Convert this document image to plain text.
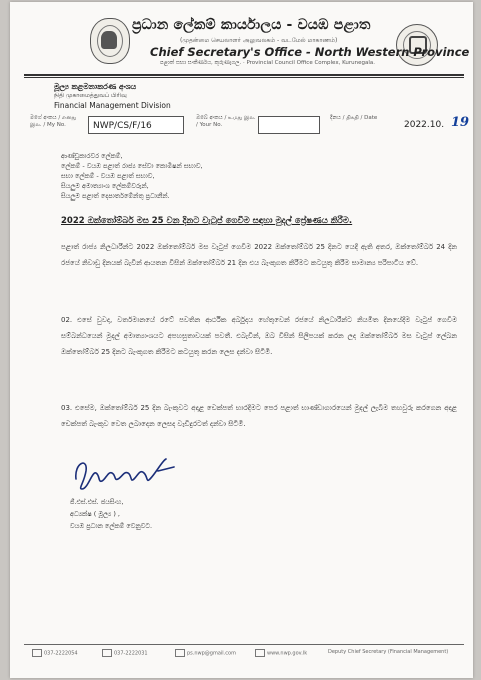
ප්‍රධාන ලේකම් කාර්යාලය - වයඹ පළාත
(முதன்மை செயலாளர் அலுவலகம் - வடமேல் மாகாணம்)
Chief Secretary's Office - North Western Province
පළාත් සභා සංකීර්ණය, කුරුණෑගල. · Provincial Council Office Complex, Kurunegala.
මූල්‍ය කළමනාකරණ අංශය
நிதி முகாமைத்துவப் பிரிவு
Financial Management Division
මගේ අංකය / எனது இல. / My No.	NWP/CS/F/16
ඔබේ අංකය / உமது இல. / Your No.
දිනය / திகதி / Date
2022.10. 19
ආණ්ඩුකාරවර ලේකම්,
ලේකම් - වයඹ පළාත් රාජ්‍ය සේවා කොමිෂන් සභාව,
සභා ලේකම් - වයඹ පළාත් සභාව,
සියලුම අමාත්‍යාංශ ලේකම්වරුන්,
සියලුම පළාත් දෙපාර්තමේන්තු ප්‍රධානීන්.
2022 ඔක්තෝම්බර් මස 25 වන දිනට වැටුප් ගෙවීම සඳහා මුදල් ප්‍රේෂණය කිරීම.
පළාත් රාජ්‍ය නිලධාරීන්ට 2022 ඔක්තෝම්බර් මස වැටුප් ගෙවීම 2022 ඔක්තෝම්බර් 25 දිනට යෙදී ඇති අතර, ඔක්තෝම්බර් 24 දින රජයේ නිවාඩු දිනයක් බැවින් ආයතන විසින් ඔක්තෝම්බර් 21 දින එය බැංකුගත කිරීමට කටයුතු කිරීම සාමාන්‍ය පරිපාටිය වේ.
02. එසේ වුවද, වර්තමානයේ රටේ පවතින ආර්ථික අර්බුදය හේතුවෙන් රජයේ නිලධාරීන්ට නියමිත දිනයේදීම වැටුප් ගෙවීම සම්බන්ධයෙන් මුදල් අමාත්‍යාංශයට අපහසුතාවයක් පවතී. එබැවින්, ඔබ විසින් සිලිපයක් කරන ලද ඔක්තෝම්බර් මස වැටුප් ලේඛන ඔක්තෝම්බර් 25 දිනට බැංකුගත කිරීමට කටයුතු කරන ලෙස දන්වා සිටිමි.
03. එසේම, ඔක්තෝම්බර් 25 දින බැංකුවට අදාළ චෙක්පත් භාරදීමට පෙර පළාත් භාණ්ඩාගාරයෙන් මුදල් ලැබීම තහවුරු කරගෙන අදාළ චෙක්පත් බැංකුව වෙත ලබාදෙන ලෙසද වැඩිදුරටත් දන්වා සිටිමි.
ජී.එස්.එස්. ජයසිංහ,
අධ්‍යක්ෂ ( මූල්‍ය ) ,
වයඹ ප්‍රධාන ලේකම් වෙනුවට.
037-2222054	037-2222031	ps.nwp@gmail.com	www.nwp.gov.lk	Deputy Chief Secretary (Financial Management)
